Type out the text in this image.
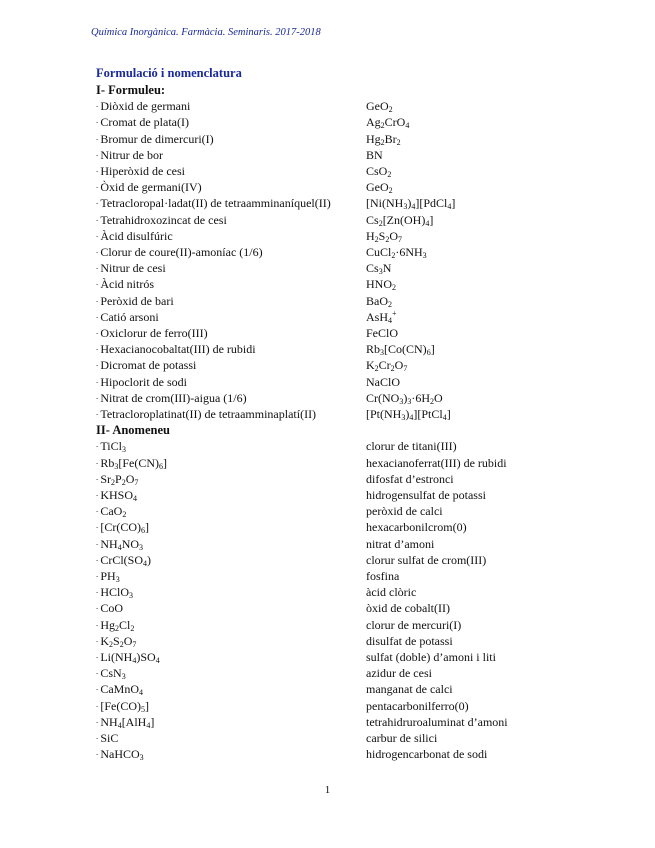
Química Inorgànica. Farmàcia. Seminaris. 2017-2018
Formulació i nomenclatura
I- Formuleu:
- Diòxid de germani	GeO$_2$
- Cromat de plata(I)	$Ag_2CrO_4$
- Bromur de dimercuri(I)	$Hg_2Br_2$
- Nitrur de bor	BN
- Hiperòxid de cesi	CsO$_2$
- Òxid de germani(IV)	GeO$_2$
- Tetracloropal·ladat(II) de tetraamminaníquel(II)	$[Ni(NH_3)_4][PdCl_4]$
- Tetrahidroxozincat de cesi	$Cs_2[Zn(OH)_4]$
- Àcid disulfúric	$H_2S_2O_7$
- Clorur de coure(II)-amoníac (1/6)	$CuCl_2\cdot 6NH_3$
- Nitrur de cesi	$Cs_3N$
- Àcid nitrós	$HNO_2$
- Peròxid de bari	BaO$_2$
- Catió arsoni	AsH$_4$+
- Oxiclorur de ferro(III)	FeClO
- Hexacianocobaltat(III) de rubidi	$Rb_3[Co(CN)_6]$
- Dicromat de potassi	$K_2Cr_2O_7$
- Hipoclorit de sodi	NaClO
- Nitrat de crom(III)-aigua (1/6)	$Cr(NO_3)_3\cdot 6H_2O$
- Tetracloroplatinat(II) de tetraamminaplatí(II)	$[Pt(NH_3)_4][PtCl_4]$
II- Anomeneu
- TiCl$_3$	clorur de titani(III)
- $Rb_3[Fe(CN)_6]$	hexacianoferrat(III) de rubidi
- $Sr_2P_2O_7$	difosfat d’estronci
- $KHSO_4$	hidrogensulfat de potassi
- CaO$_2$	peròxid de calci
- $[Cr(CO)_6]$	hexacarbonilcrom(0)
- $NH_4NO_3$	nitrat d’amoni
- $CrCl(SO_4)$	clorur sulfat de crom(III)
- $PH_3$	fosfina
- HClO$_3$	àcid clòric
- CoO	òxid de cobalt(II)
- $Hg_2Cl_2$	clorur de mercuri(I)
- $K_2S_2O_7$	disulfat de potassi
- $Li(NH_4)SO_4$	sulfat (doble) d’amoni i liti
- CsN$_3$	azidur de cesi
- CaMnO$_4$	manganat de calci
- $[Fe(CO)_5]$	pentacarbonilferro(0)
- $NH_4[AlH_4]$	tetrahidruroaluminat d’amoni
- SiC	carbur de silici
- NaHCO$_3$	hidrogencarbonat de sodi
1
